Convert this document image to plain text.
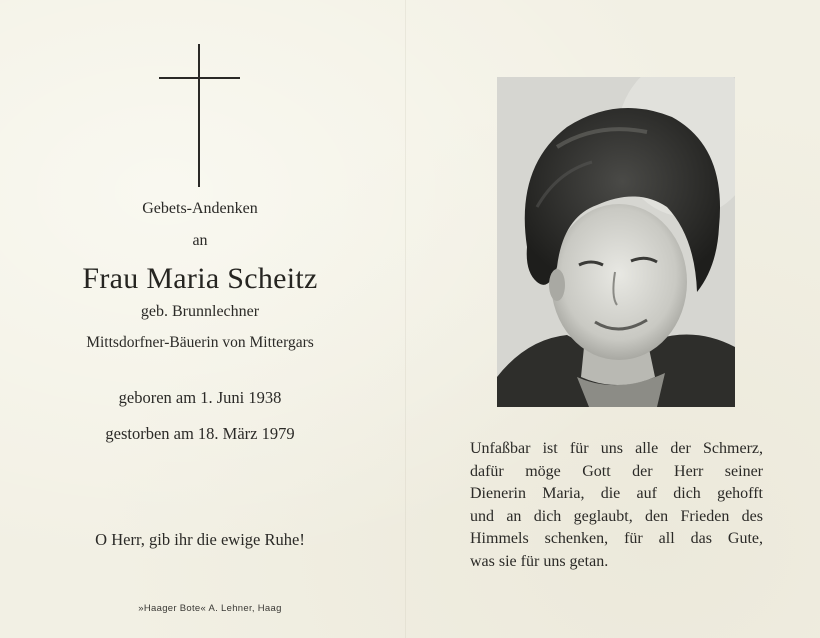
Gebets-Andenken
an
Frau Maria Scheitz
geb. Brunnlechner
Mittsdorfner-Bäuerin von Mittergars
geboren am 1. Juni 1938
gestorben am 18. März 1979
O Herr, gib ihr die ewige Ruhe!
»Haager Bote« A. Lehner, Haag
Unfaßbar ist für uns alle der Schmerz,
dafür möge Gott der Herr seiner
Dienerin Maria, die auf dich gehofft
und an dich geglaubt, den Frieden des
Himmels schenken, für all das Gute,
was sie für uns getan.
